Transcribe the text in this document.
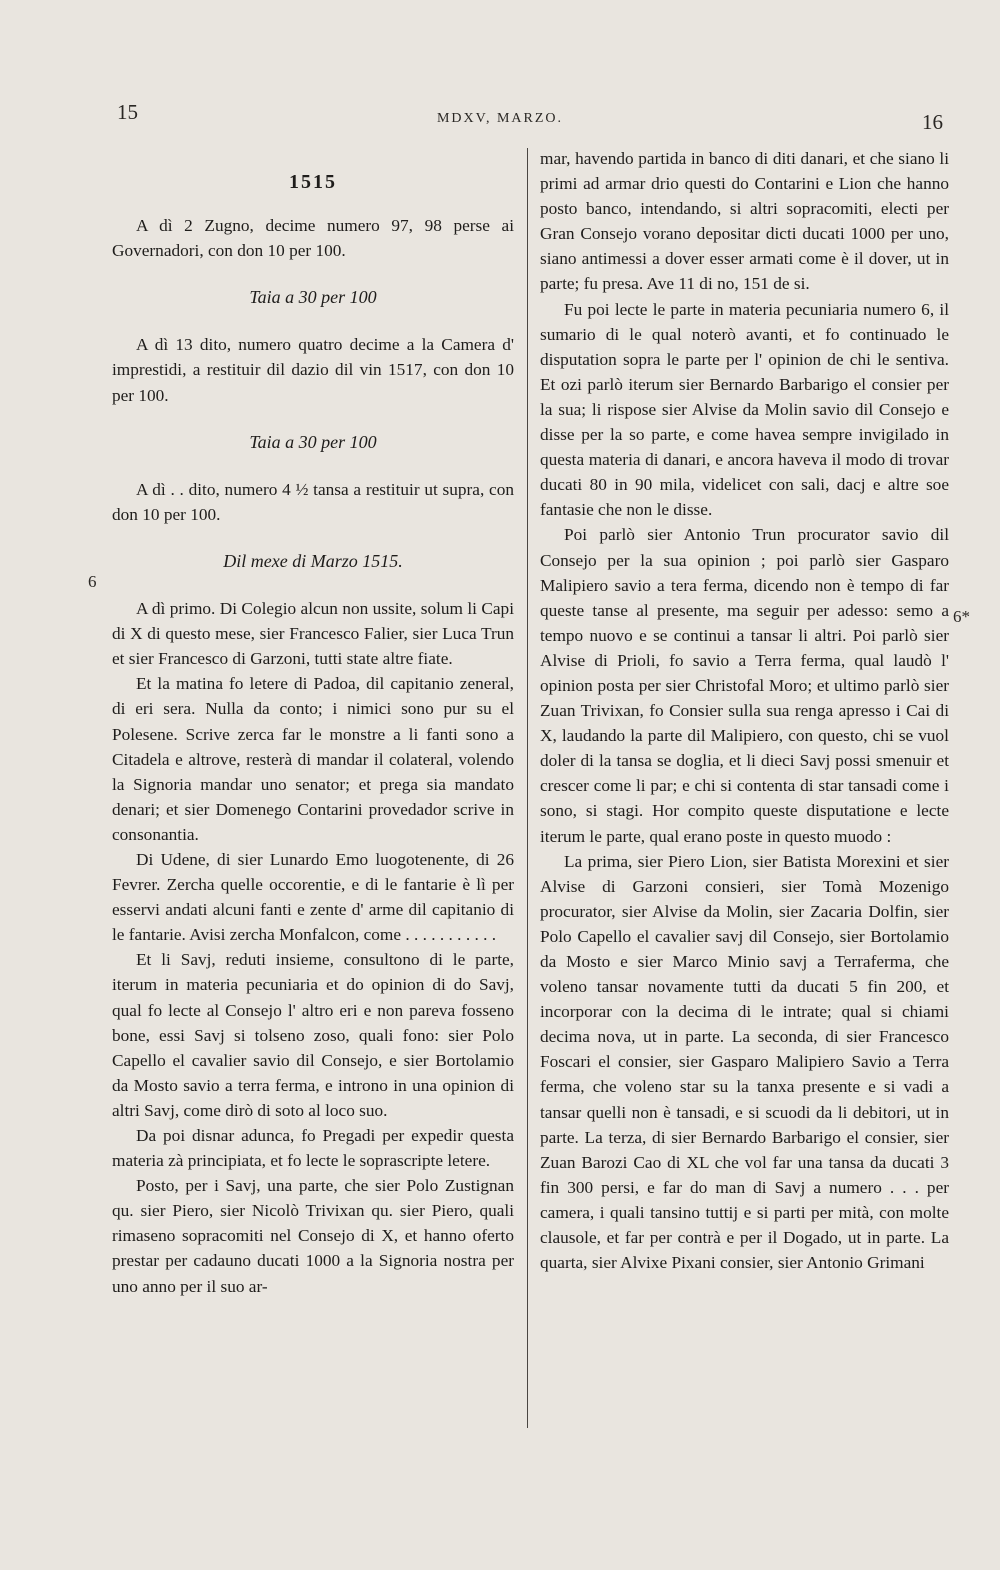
15	MDXV, MARZO.	16
6
6*
1515

A dì 2 Zugno, decime numero 97, 98 perse ai Governadori, con don 10 per 100.

Taia a 30 per 100

A dì 13 dito, numero quatro decime a la Camera d' imprestidi, a restituir dil dazio dil vin 1517, con don 10 per 100.

Taia a 30 per 100

A dì . . dito, numero 4 ½ tansa a restituir ut supra, con don 10 per 100.

Dil mexe di Marzo 1515.

A dì primo. Di Colegio alcun non ussite, solum li Capi di X di questo mese, sier Francesco Falier, sier Luca Trun et sier Francesco di Garzoni, tutti state altre fiate.

Et la matina fo letere di Padoa, dil capitanio zeneral, di eri sera. Nulla da conto; i nimici sono pur su el Polesene. Scrive zerca far le monstre a li fanti sono a Citadela e altrove, resterà di mandar il colateral, volendo la Signoria mandar uno senator; et prega sia mandato denari; et sier Domenego Contarini provedador scrive in consonantia.

Di Udene, di sier Lunardo Emo luogotenente, di 26 Fevrer. Zercha quelle occorentie, e di le fantarie è lì per esservi andati alcuni fanti e zente d' arme dil capitanio di le fantarie. Avisi zercha Monfalcon, come . . . . . . . . . . .

Et li Savj, reduti insieme, consultono di le parte, iterum in materia pecuniaria et do opinion di do Savj, qual fo lecte al Consejo l' altro eri e non pareva fosseno bone, essi Savj si tolseno zoso, quali fono: sier Polo Capello el cavalier savio dil Consejo, e sier Bortolamio da Mosto savio a terra ferma, e introno in una opinion di altri Savj, come dirò di soto al loco suo.

Da poi disnar adunca, fo Pregadi per expedir questa materia zà principiata, et fo lecte le soprascripte letere.

Posto, per i Savj, una parte, che sier Polo Zustignan qu. sier Piero, sier Nicolò Trivixan qu. sier Piero, quali rimaseno sopracomiti nel Consejo di X, et hanno oferto prestar per cadauno ducati 1000 a la Signoria nostra per uno anno per il suo ar-

mar, havendo partida in banco di diti danari, et che siano li primi ad armar drio questi do Contarini e Lion che hanno posto banco, intendando, si altri sopracomiti, electi per Gran Consejo vorano depositar dicti ducati 1000 per uno, siano antimessi a dover esser armati come è il dover, ut in parte; fu presa. Ave 11 di no, 151 de si.

Fu poi lecte le parte in materia pecuniaria numero 6, il sumario di le qual noterò avanti, et fo continuado le disputation sopra le parte per l' opinion de chi le sentiva. Et ozi parlò iterum sier Bernardo Barbarigo el consier per la sua; li rispose sier Alvise da Molin savio dil Consejo e disse per la so parte, e come havea sempre invigilado in questa materia di danari, e ancora haveva il modo di trovar ducati 80 in 90 mila, videlicet con sali, dacj e altre soe fantasie che non le disse.

Poi parlò sier Antonio Trun procurator savio dil Consejo per la sua opinion ; poi parlò sier Gasparo Malipiero savio a tera ferma, dicendo non è tempo di far queste tanse al presente, ma seguir per adesso: semo a tempo nuovo e se continui a tansar li altri. Poi parlò sier Alvise di Prioli, fo savio a Terra ferma, qual laudò l' opinion posta per sier Christofal Moro; et ultimo parlò sier Zuan Trivixan, fo Consier sulla sua renga apresso i Cai di X, laudando la parte dil Malipiero, con questo, chi se vuol doler di la tansa se doglia, et li dieci Savj possi smenuir et crescer come li par; e chi si contenta di star tansadi come i sono, si stagi. Hor compito queste disputatione e lecte iterum le parte, qual erano poste in questo muodo :

La prima, sier Piero Lion, sier Batista Morexini et sier Alvise di Garzoni consieri, sier Tomà Mozenigo procurator, sier Alvise da Molin, sier Zacaria Dolfin, sier Polo Capello el cavalier savj dil Consejo, sier Bortolamio da Mosto e sier Marco Minio savj a Terraferma, che voleno tansar novamente tutti da ducati 5 fin 200, et incorporar con la decima di le intrate; qual si chiami decima nova, ut in parte. La seconda, di sier Francesco Foscari el consier, sier Gasparo Malipiero Savio a Terra ferma, che voleno star su la tanxa presente e si vadi a tansar quelli non è tansadi, e si scuodi da li debitori, ut in parte. La terza, di sier Bernardo Barbarigo el consier, sier Zuan Barozi Cao di XL che vol far una tansa da ducati 3 fin 300 persi, e far do man di Savj a numero . . . per camera, i quali tansino tuttij e si parti per mità, con molte clausole, et far per contrà e per il Dogado, ut in parte. La quarta, sier Alvixe Pixani consier, sier Antonio Grimani
